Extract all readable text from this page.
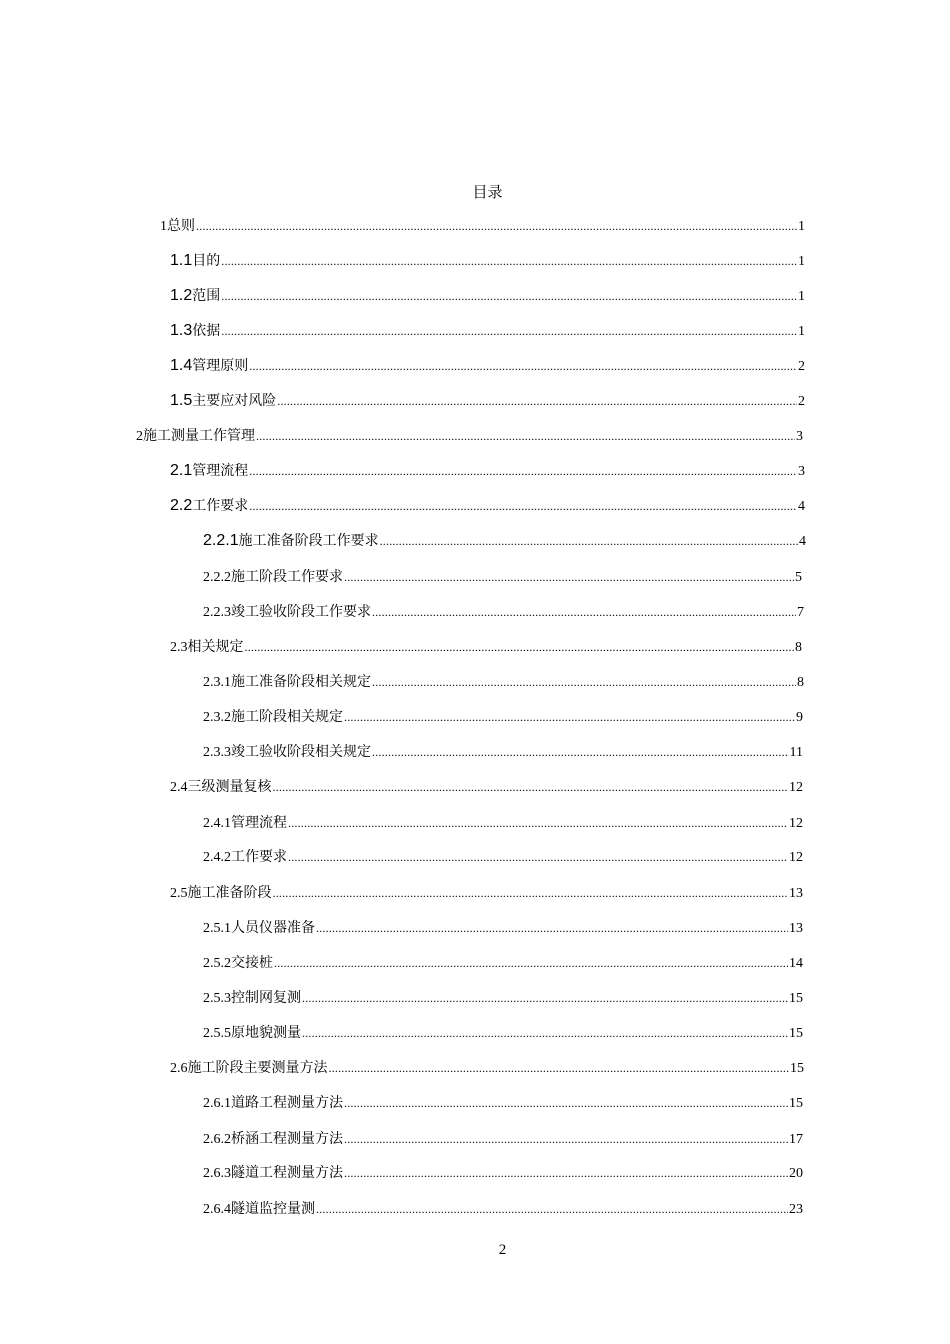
目录
1 总则 .....	1
1.1 目的 .....	1
1.2 范围 .....	1
1.3 依据 .....	1
1.4 管理原则 .....	2
1.5 主要应对风险 .....	2
2 施工测量工作管理 .....	3
2.1 管理流程 .....	3
2.2 工作要求 .....	4
2.2.1 施工准备阶段工作要求 .....	4
2.2.2 施工阶段工作要求 .....	5
2.2.3 竣工验收阶段工作要求 .....	7
2.3 相关规定 .....	8
2.3.1 施工准备阶段相关规定 .....	8
2.3.2 施工阶段相关规定 .....	9
2.3.3 竣工验收阶段相关规定 .....	11
2.4 三级测量复核 .....	12
2.4.1 管理流程 .....	12
2.4.2 工作要求 .....	12
2.5 施工准备阶段 .....	13
2.5.1 人员仪器准备 .....	13
2.5.2 交接桩 .....	14
2.5.3 控制网复测 .....	15
2.5.5 原地貌测量 .....	15
2.6 施工阶段主要测量方法 .....	15
2.6.1 道路工程测量方法 .....	15
2.6.2 桥涵工程测量方法 .....	17
2.6.3 隧道工程测量方法 .....	20
2.6.4 隧道监控量测 .....	23
2
